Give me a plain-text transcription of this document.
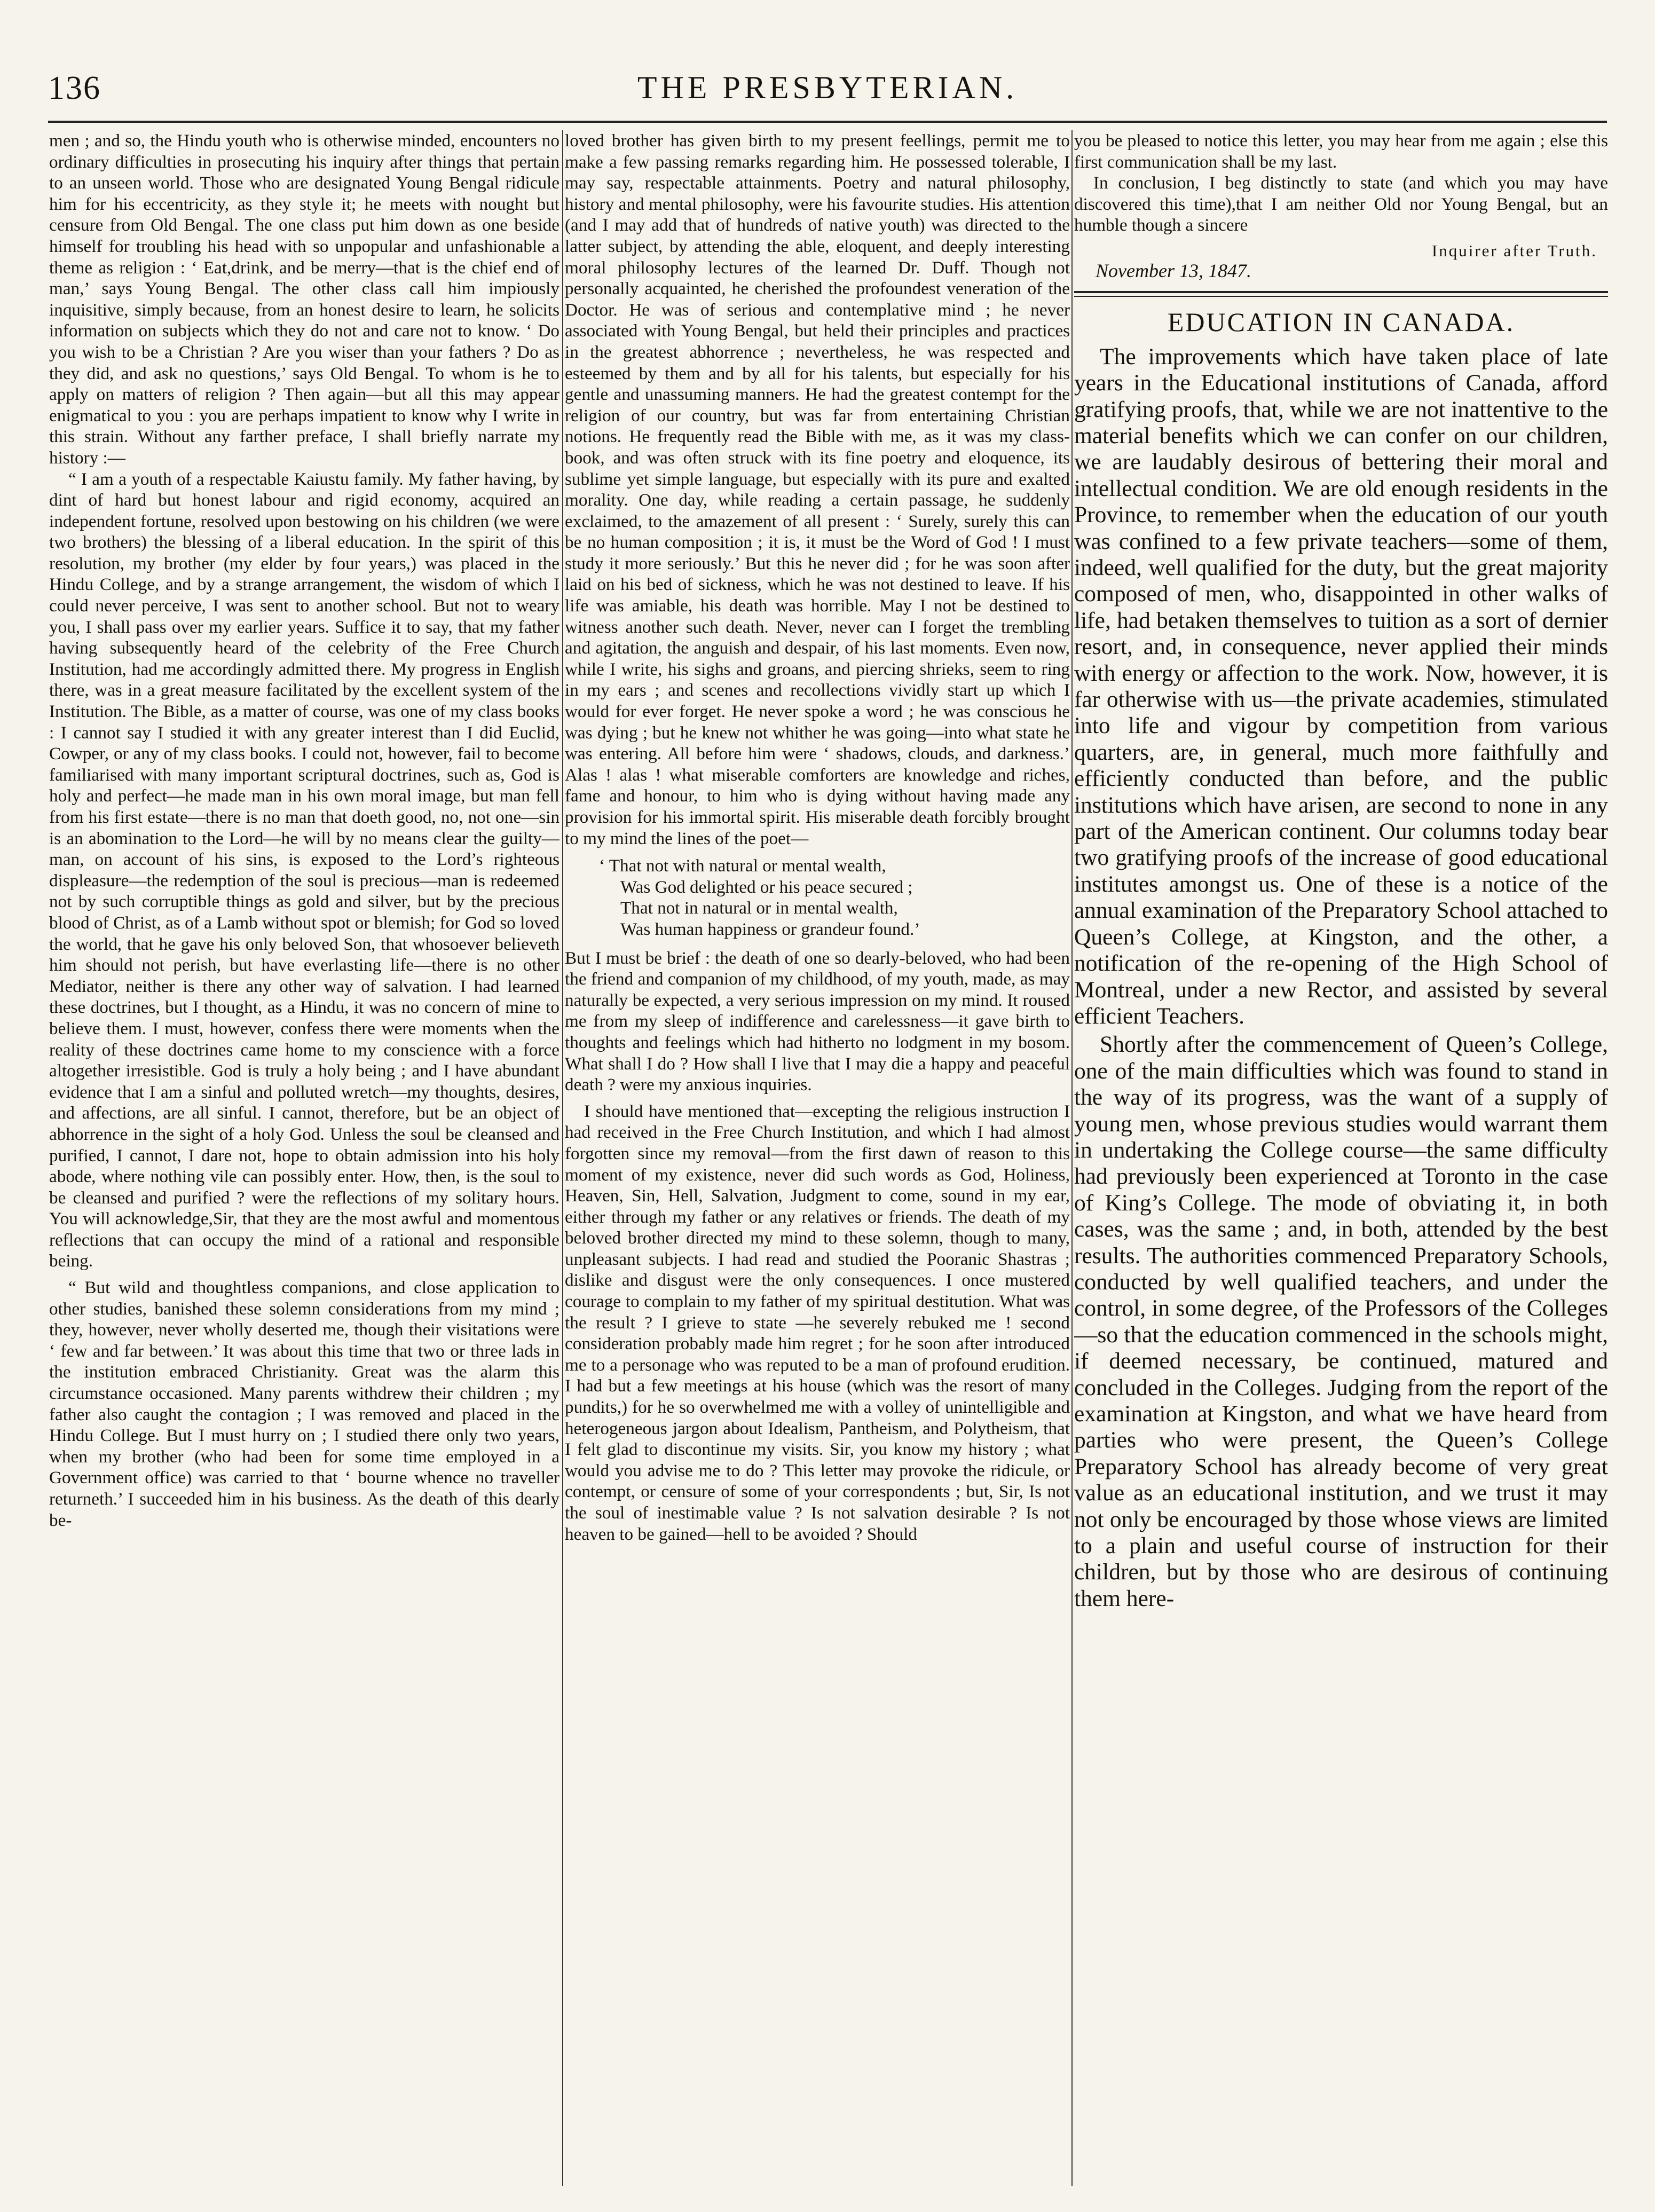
136	THE PRESBYTERIAN.

men ; and so, the Hindu youth who is otherwise minded, encounters no ordinary difficulties in prosecuting his inquiry after things that pertain to an unseen world. Those who are designated Young Bengal ridicule him for his eccentricity, as they style it; he meets with nought but censure from Old Bengal. The one class put him down as one beside himself for troubling his head with so unpopular and unfashionable a theme as religion : ‘ Eat,drink, and be merry—that is the chief end of man,’ says Young Bengal. The other class call him impiously inquisitive, simply because, from an honest desire to learn, he solicits information on subjects which they do not and care not to know. ‘ Do you wish to be a Christian ? Are you wiser than your fathers ? Do as they did, and ask no questions,’ says Old Bengal. To whom is he to apply on matters of religion ? Then again—but all this may appear enigmatical to you : you are perhaps impatient to know why I write in this strain. Without any farther preface, I shall briefly narrate my history :—

“ I am a youth of a respectable Kaiustu family. My father having, by dint of hard but honest labour and rigid economy, acquired an independent fortune, resolved upon bestowing on his children (we were two brothers) the blessing of a liberal education. In the spirit of this resolution, my brother (my elder by four years,) was placed in the Hindu College, and by a strange arrangement, the wisdom of which I could never perceive, I was sent to another school. But not to weary you, I shall pass over my earlier years. Suffice it to say, that my father having subsequently heard of the celebrity of the Free Church Institution, had me accordingly admitted there. My progress in English there, was in a great measure facilitated by the excellent system of the Institution. The Bible, as a matter of course, was one of my class books : I cannot say I studied it with any greater interest than I did Euclid, Cowper, or any of my class books. I could not, however, fail to become familiarised with many important scriptural doctrines, such as, God is holy and perfect—he made man in his own moral image, but man fell from his first estate—there is no man that doeth good, no, not one—sin is an abomination to the Lord—he will by no means clear the guilty—man, on account of his sins, is exposed to the Lord’s righteous displeasure—the redemption of the soul is precious—man is redeemed not by such corruptible things as gold and silver, but by the precious blood of Christ, as of a Lamb without spot or blemish; for God so loved the world, that he gave his only beloved Son, that whosoever believeth him should not perish, but have everlasting life—there is no other Mediator, neither is there any other way of salvation. I had learned these doctrines, but I thought, as a Hindu, it was no concern of mine to believe them. I must, however, confess there were moments when the reality of these doctrines came home to my conscience with a force altogether irresistible. God is truly a holy being ; and I have abundant evidence that I am a sinful and polluted wretch—my thoughts, desires, and affections, are all sinful. I cannot, therefore, but be an object of abhorrence in the sight of a holy God. Unless the soul be cleansed and purified, I cannot, I dare not, hope to obtain admission into his holy abode, where nothing vile can possibly enter. How, then, is the soul to be cleansed and purified ? were the reflections of my solitary hours. You will acknowledge,Sir, that they are the most awful and momentous reflections that can occupy the mind of a rational and responsible being.

“ But wild and thoughtless companions, and close application to other studies, banished these solemn considerations from my mind ; they, however, never wholly deserted me, though their visitations were ‘ few and far between.’ It was about this time that two or three lads in the institution embraced Christianity. Great was the alarm this circumstance occasioned. Many parents withdrew their children ; my father also caught the contagion ; I was removed and placed in the Hindu College. But I must hurry on ; I studied there only two years, when my brother (who had been for some time employed in a Government office) was carried to that ‘ bourne whence no traveller returneth.’ I succeeded him in his business. As the death of this dearly be-

loved brother has given birth to my present feellings, permit me to make a few passing remarks regarding him. He possessed tolerable, I may say, respectable attainments. Poetry and natural philosophy, history and mental philosophy, were his favourite studies. His attention (and I may add that of hundreds of native youth) was directed to the latter subject, by attending the able, eloquent, and deeply interesting moral philosophy lectures of the learned Dr. Duff. Though not personally acquainted, he cherished the profoundest veneration of the Doctor. He was of serious and contemplative mind ; he never associated with Young Bengal, but held their principles and practices in the greatest abhorrence ; nevertheless, he was respected and esteemed by them and by all for his talents, but especially for his gentle and unassuming manners. He had the greatest contempt for the religion of our country, but was far from entertaining Christian notions. He frequently read the Bible with me, as it was my class-book, and was often struck with its fine poetry and eloquence, its sublime yet simple language, but especially with its pure and exalted morality. One day, while reading a certain passage, he suddenly exclaimed, to the amazement of all present : ‘ Surely, surely this can be no human composition ; it is, it must be the Word of God ! I must study it more seriously.’ But this he never did ; for he was soon after laid on his bed of sickness, which he was not destined to leave. If his life was amiable, his death was horrible. May I not be destined to witness another such death. Never, never can I forget the trembling and agitation, the anguish and despair, of his last moments. Even now, while I write, his sighs and groans, and piercing shrieks, seem to ring in my ears ; and scenes and recollections vividly start up which I would for ever forget. He never spoke a word ; he was conscious he was dying ; but he knew not whither he was going—into what state he was entering. All before him were ‘ shadows, clouds, and darkness.’ Alas ! alas ! what miserable comforters are knowledge and riches, fame and honour, to him who is dying without having made any provision for his immortal spirit. His miserable death forcibly brought to my mind the lines of the poet—

‘ That not with natural or mental wealth,
Was God delighted or his peace secured ;
That not in natural or in mental wealth,
Was human happiness or grandeur found.’

But I must be brief : the death of one so dearly-beloved, who had been the friend and companion of my childhood, of my youth, made, as may naturally be expected, a very serious impression on my mind. It roused me from my sleep of indifference and carelessness—it gave birth to thoughts and feelings which had hitherto no lodgment in my bosom. What shall I do ? How shall I live that I may die a happy and peaceful death ? were my anxious inquiries.

I should have mentioned that—excepting the religious instruction I had received in the Free Church Institution, and which I had almost forgotten since my removal—from the first dawn of reason to this moment of my existence, never did such words as God, Holiness, Heaven, Sin, Hell, Salvation, Judgment to come, sound in my ear, either through my father or any relatives or friends. The death of my beloved brother directed my mind to these solemn, though to many, unpleasant subjects. I had read and studied the Pooranic Shastras ; dislike and disgust were the only consequences. I once mustered courage to complain to my father of my spiritual destitution. What was the result ? I grieve to state —he severely rebuked me ! second consideration probably made him regret ; for he soon after introduced me to a personage who was reputed to be a man of profound erudition. I had but a few meetings at his house (which was the resort of many pundits,) for he so overwhelmed me with a volley of unintelligible and heterogeneous jargon about Idealism, Pantheism, and Polytheism, that I felt glad to discontinue my visits. Sir, you know my history ; what would you advise me to do ? This letter may provoke the ridicule, or contempt, or censure of some of your correspondents ; but, Sir, Is not the soul of inestimable value ? Is not salvation desirable ? Is not heaven to be gained—hell to be avoided ? Should

you be pleased to notice this letter, you may hear from me again ; else this first communication shall be my last.

In conclusion, I beg distinctly to state (and which you may have discovered this time),that I am neither Old nor Young Bengal, but an humble though a sincere

Inquirer after Truth.
November 13, 1847.
EDUCATION IN CANADA.

The improvements which have taken place of late years in the Educational institutions of Canada, afford gratifying proofs, that, while we are not inattentive to the material benefits which we can confer on our children, we are laudably desirous of bettering their moral and intellectual condition. We are old enough residents in the Province, to remember when the education of our youth was confined to a few private teachers—some of them, indeed, well qualified for the duty, but the great majority composed of men, who, disappointed in other walks of life, had betaken themselves to tuition as a sort of dernier resort, and, in consequence, never applied their minds with energy or affection to the work. Now, however, it is far otherwise with us—the private academies, stimulated into life and vigour by competition from various quarters, are, in general, much more faithfully and efficiently conducted than before, and the public institutions which have arisen, are second to none in any part of the American continent. Our columns today bear two gratifying proofs of the increase of good educational institutes amongst us. One of these is a notice of the annual examination of the Preparatory School attached to Queen’s College, at Kingston, and the other, a notification of the re-opening of the High School of Montreal, under a new Rector, and assisted by several efficient Teachers.

Shortly after the commencement of Queen’s College, one of the main difficulties which was found to stand in the way of its progress, was the want of a supply of young men, whose previous studies would warrant them in undertaking the College course—the same difficulty had previously been experienced at Toronto in the case of King’s College. The mode of obviating it, in both cases, was the same ; and, in both, attended by the best results. The authorities commenced Preparatory Schools, conducted by well qualified teachers, and under the control, in some degree, of the Professors of the Colleges—so that the education commenced in the schools might, if deemed necessary, be continued, matured and concluded in the Colleges. Judging from the report of the examination at Kingston, and what we have heard from parties who were present, the Queen’s College Preparatory School has already become of very great value as an educational institution, and we trust it may not only be encouraged by those whose views are limited to a plain and useful course of instruction for their children, but by those who are desirous of continuing them here-
